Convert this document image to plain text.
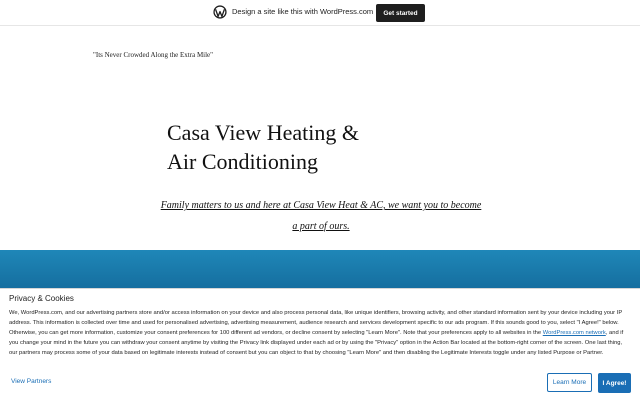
Design a site like this with WordPress.com	Get started
"Its Never Crowded Along the Extra Mile"
Casa View Heating &
Air Conditioning
Family matters to us and here at Casa View Heat & AC, we want you to become
a part of ours.
Privacy & Cookies

We, WordPress.com, and our advertising partners store and/or access information on your device and also process personal data, like unique identifiers, browsing activity, and other standard information sent by your device including your IP address. This information is collected over time and used for personalised advertising, advertising measurement, audience research and services development specific to our ads program. If this sounds good to you, select "I Agree!" below. Otherwise, you can get more information, customize your consent preferences for 100 different ad vendors, or decline consent by selecting "Learn More". Note that your preferences apply to all websites in the WordPress.com network, and if you change your mind in the future you can withdraw your consent anytime by visiting the Privacy link displayed under each ad or by using the "Privacy" option in the Action Bar located at the bottom-right corner of the screen. One last thing, our partners may process some of your data based on legitimate interests instead of consent but you can object to that by choosing "Learn More" and then disabling the Legitimate Interests toggle under any listed Purpose or Partner.

View Partners	Learn More	I Agree!
